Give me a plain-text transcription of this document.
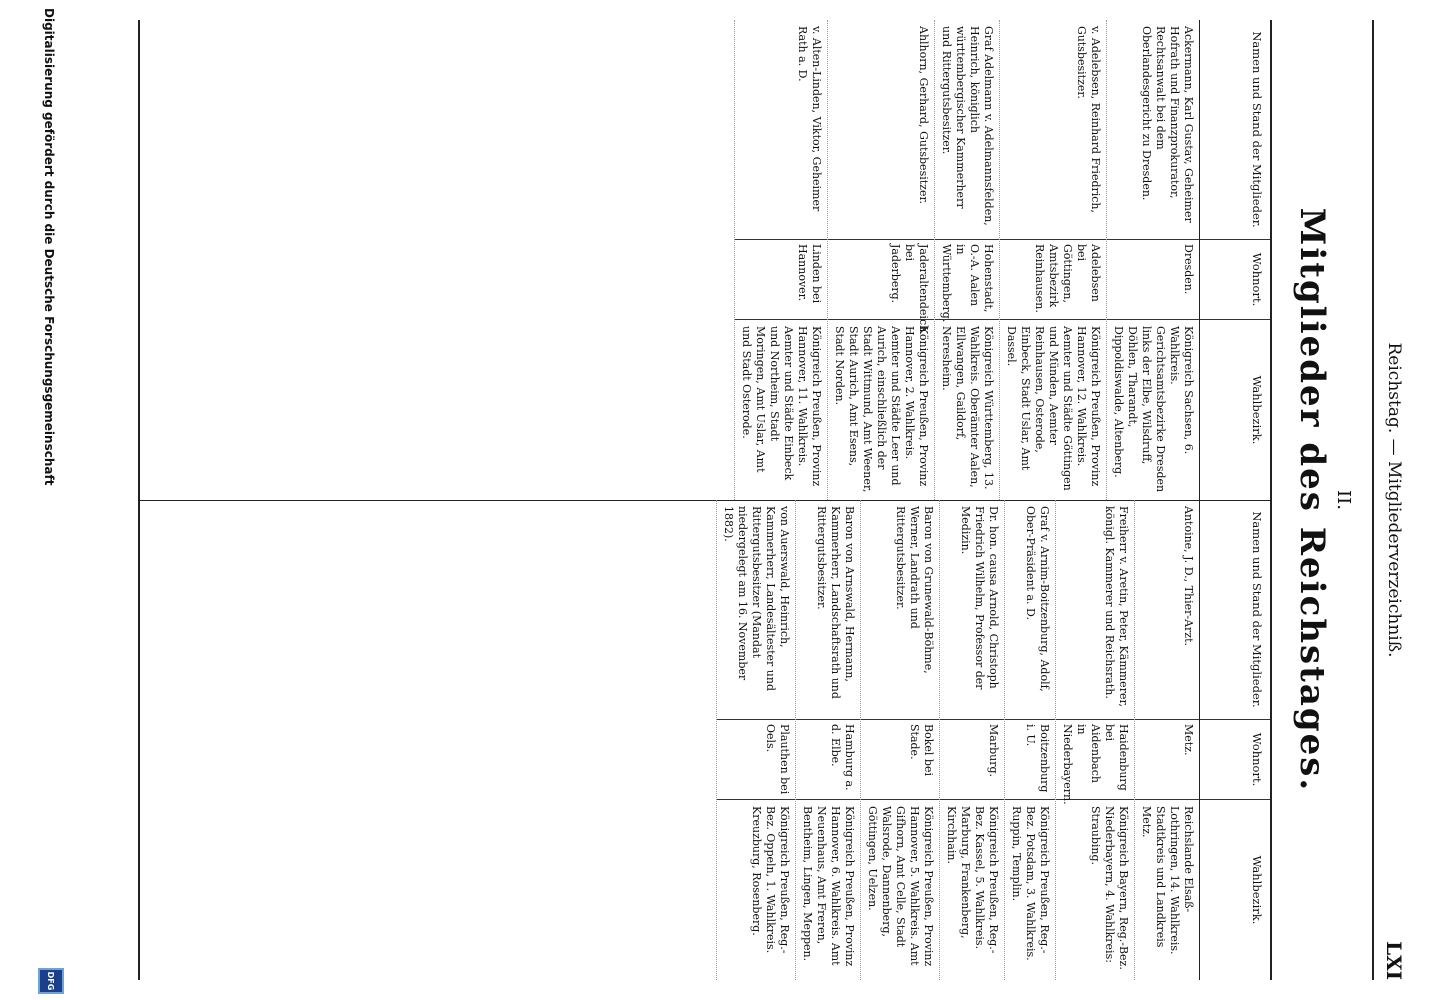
Reichstag. — Mitgliederverzeichniß.
LXI
II.
Mitglieder des Reichstages.
Namen und Stand der Mitglieder.
Wohnort.
Wahlbezirk.
Ackermann, Karl Gustav, Geheimer Hofrath und Finanzprokurator, Rechtsanwalt bei dem Oberlandesgericht zu Dresden.
Dresden.
Königreich Sachsen, 6. Wahlkreis. Gerichtsamtsbezirke Dresden links der Elbe, Wilsdruff, Döhlen, Tharandt, Dippoldiswalde, Altenberg.
v. Adelebsen, Reinhard Friedrich, Gutsbesitzer.
Adelebsen bei Göttingen, Amtsbezirk Reinhausen.
Königreich Preußen, Provinz Hannover, 12. Wahlkreis. Aemter und Städte Göttingen und Münden, Aemter Reinhausen, Osterode, Einbeck, Stadt Uslar, Amt Dassel.
Graf Adelmann v. Adelmannsfelden, Heinrich, königlich württembergischer Kammerherr und Rittergutsbesitzer.
Hohenstadt, O.-A. Aalen in Württemberg.
Königreich Württemberg, 13. Wahlkreis. Oberämter Aalen, Ellwangen, Gaildorf, Neresheim.
Ahlhorn, Gerhard, Gutsbesitzer.
Jaderaltendeich bei Jaderberg.
Königreich Preußen, Provinz Hannover, 2. Wahlkreis. Aemter und Städte Leer und Aurich, einschließlich der Stadt Wittmund, Amt Weener, Stadt Aurich, Amt Esens, Stadt Norden.
v. Alten-Linden, Viktor, Geheimer Rath a. D.
Linden bei Hannover.
Königreich Preußen, Provinz Hannover, 11. Wahlkreis. Aemter und Städte Einbeck und Northeim, Stadt Moringen, Amt Uslar, Amt und Stadt Osterode.
Namen und Stand der Mitglieder.
Wohnort.
Wahlbezirk.
Antoine, J. D., Thier-Arzt.
Metz.
Reichslande Elsaß-Lothringen, 14. Wahlkreis. Stadtkreis und Landkreis Metz.
Freiherr v. Aretin, Peter, Kämmerer, königl. Kammerer und Reichsrath.
Haidenburg bei Aidenbach in Niederbayern.
Königreich Bayern, Reg.-Bez. Niederbayern, 4. Wahlkreis: Straubing.
Graf v. Arnim-Boitzenburg, Adolf, Ober-Präsident a. D.
Boitzenburg i. U.
Königreich Preußen, Reg.-Bez. Potsdam, 3. Wahlkreis. Ruppin, Templin.
Dr. hon. causa Arnold, Christoph Friedrich Wilhelm, Professor der Medizin.
Marburg.
Königreich Preußen, Reg.-Bez. Kassel, 5. Wahlkreis. Marburg, Frankenberg, Kirchhain.
Baron von Grunewald-Böhme, Werner, Landrath und Rittergutsbesitzer.
Bokel bei Stade.
Königreich Preußen, Provinz Hannover, 5. Wahlkreis. Amt Gifhorn, Amt Celle, Stadt Walsrode, Dannenberg, Göttingen, Uelzen.
Baron von Arnswald, Hermann, Kammerherr, Landschaftsrath und Rittergutsbesitzer.
Hamburg a. d. Elbe.
Königreich Preußen, Provinz Hannover, 6. Wahlkreis. Amt Neuenhaus, Amt Freren, Bentheim, Lingen, Meppen.
von Auerswald, Heinrich, Kammerherr, Landesältester und Rittergutsbesitzer (Mandat niedergelegt am 16. November 1882).
Plauthen bei Oels.
Königreich Preußen, Reg.-Bez. Oppeln, 1. Wahlkreis. Kreuzburg, Rosenberg.
Digitalisierung gefördert durch die Deutsche Forschungsgemeinschaft
DFG
